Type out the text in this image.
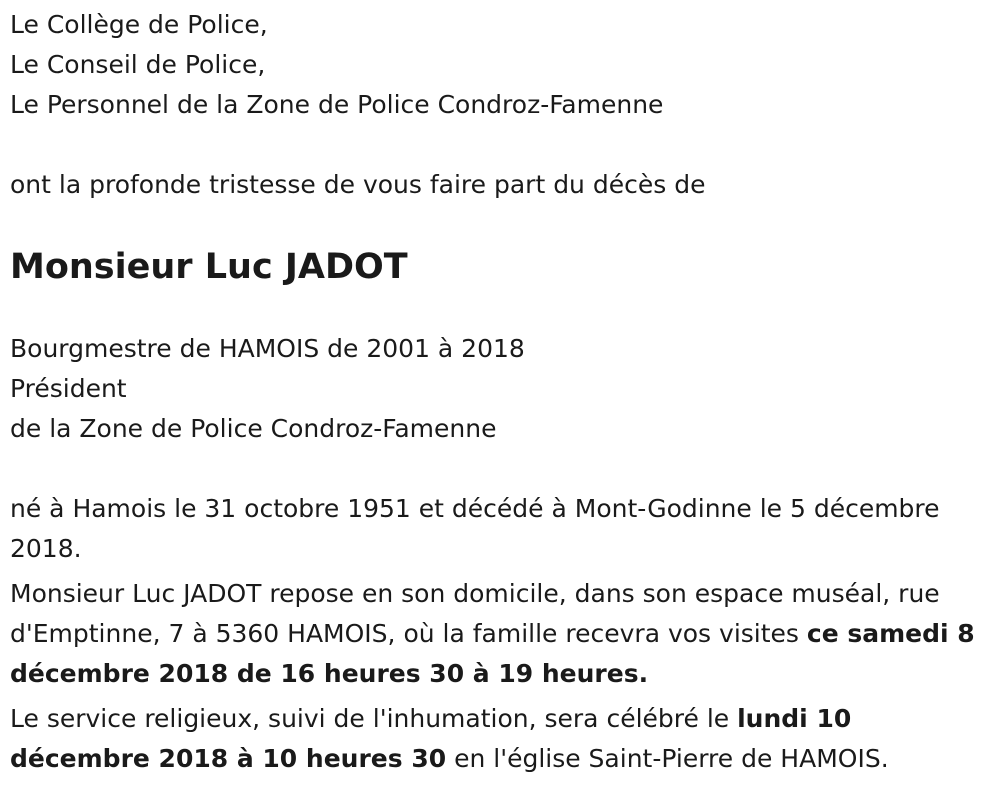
Le Collège de Police,
Le Conseil de Police,
Le Personnel de la Zone de Police Condroz-Famenne
ont la profonde tristesse de vous faire part du décès de
Monsieur Luc JADOT
Bourgmestre de HAMOIS de 2001 à 2018
Président
de la Zone de Police Condroz-Famenne

né à Hamois le 31 octobre 1951 et décédé à Mont-Godinne le 5 décembre 2018.

Monsieur Luc JADOT repose en son domicile, dans son espace muséal, rue d'Emptinne, 7 à 5360 HAMOIS, où la famille recevra vos visites ce samedi 8 décembre 2018 de 16 heures 30 à 19 heures.

Le service religieux, suivi de l'inhumation, sera célébré le lundi 10 décembre 2018 à 10 heures 30 en l'église Saint-Pierre de HAMOIS.
